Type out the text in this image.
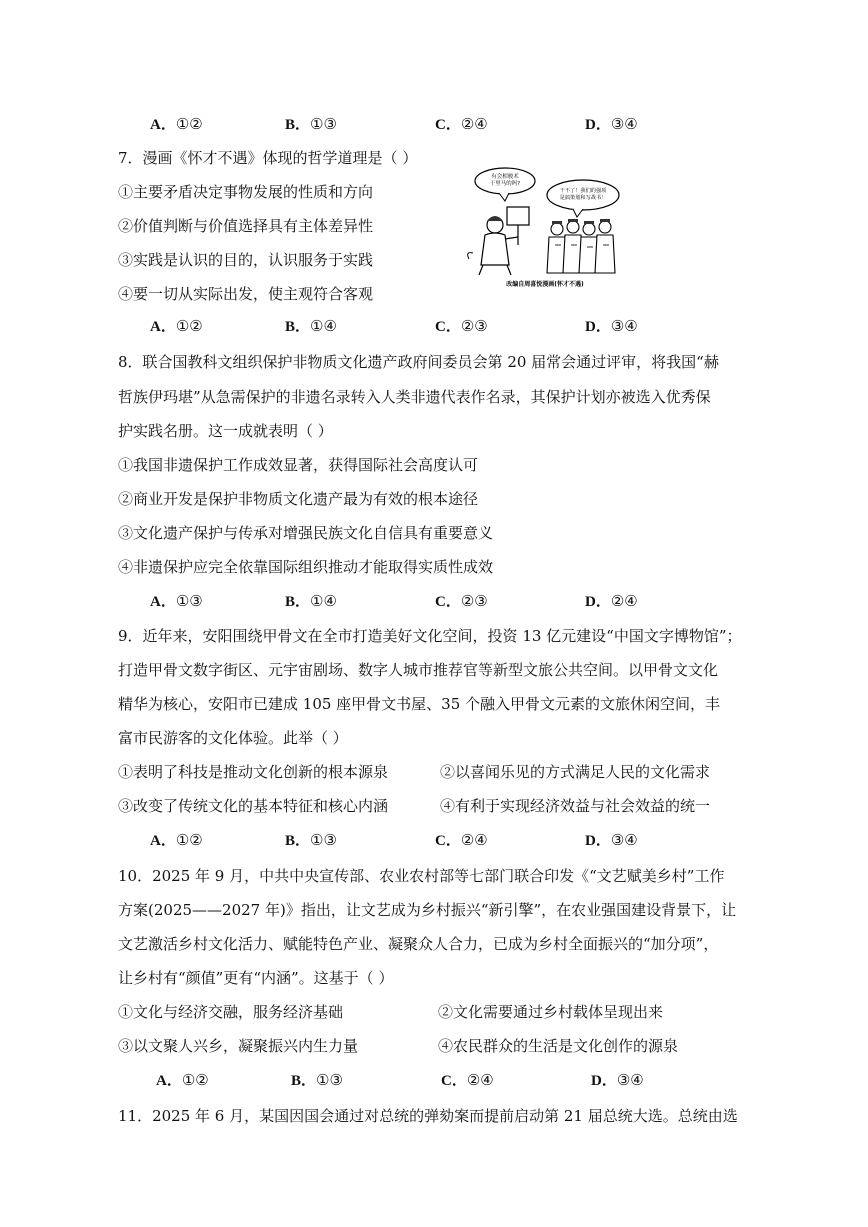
A．①②	B．①③	C．②④	D．③④
7．漫画《怀才不遇》体现的哲学道理是（ ）
①主要矛盾决定事物发展的性质和方向
②价值判断与价值选择具有主体差异性
③实践是认识的目的，认识服务于实践
④要一切从实际出发，使主观符合客观
有会相骏术干里马的吗?
干不了！我们的强项是搞策划和写战书！
改编自周喜悦漫画(怀才不遇)
A．①②	B．①④	C．②③	D．③④
8．联合国教科文组织保护非物质文化遗产政府间委员会第 20 届常会通过评审，将我国“赫
哲族伊玛堪”从急需保护的非遗名录转入人类非遗代表作名录，其保护计划亦被选入优秀保
护实践名册。这一成就表明（ ）
①我国非遗保护工作成效显著，获得国际社会高度认可
②商业开发是保护非物质文化遗产最为有效的根本途径
③文化遗产保护与传承对增强民族文化自信具有重要意义
④非遗保护应完全依靠国际组织推动才能取得实质性成效
A．①③	B．①④	C．②③	D．②④
9．近年来，安阳围绕甲骨文在全市打造美好文化空间，投资 13 亿元建设“中国文字博物馆”；
打造甲骨文数字街区、元宇宙剧场、数字人城市推荐官等新型文旅公共空间。以甲骨文文化
精华为核心，安阳市已建成 105 座甲骨文书屋、35 个融入甲骨文元素的文旅休闲空间，丰
富市民游客的文化体验。此举（ ）
①表明了科技是推动文化创新的根本源泉	②以喜闻乐见的方式满足人民的文化需求
③改变了传统文化的基本特征和核心内涵	④有利于实现经济效益与社会效益的统一
A．①②	B．①③	C．②④	D．③④
10．2025 年 9 月，中共中央宣传部、农业农村部等七部门联合印发《“文艺赋美乡村”工作
方案(2025——2027 年)》指出，让文艺成为乡村振兴“新引擎”，在农业强国建设背景下，让
文艺激活乡村文化活力、赋能特色产业、凝聚众人合力，已成为乡村全面振兴的“加分项”，
让乡村有“颜值”更有“内涵”。这基于（ ）
①文化与经济交融，服务经济基础	②文化需要通过乡村载体呈现出来
③以文聚人兴乡，凝聚振兴内生力量	④农民群众的生活是文化创作的源泉
A．①②	B．①③	C．②④	D．③④
11．2025 年 6 月，某国因国会通过对总统的弹劾案而提前启动第 21 届总统大选。总统由选
